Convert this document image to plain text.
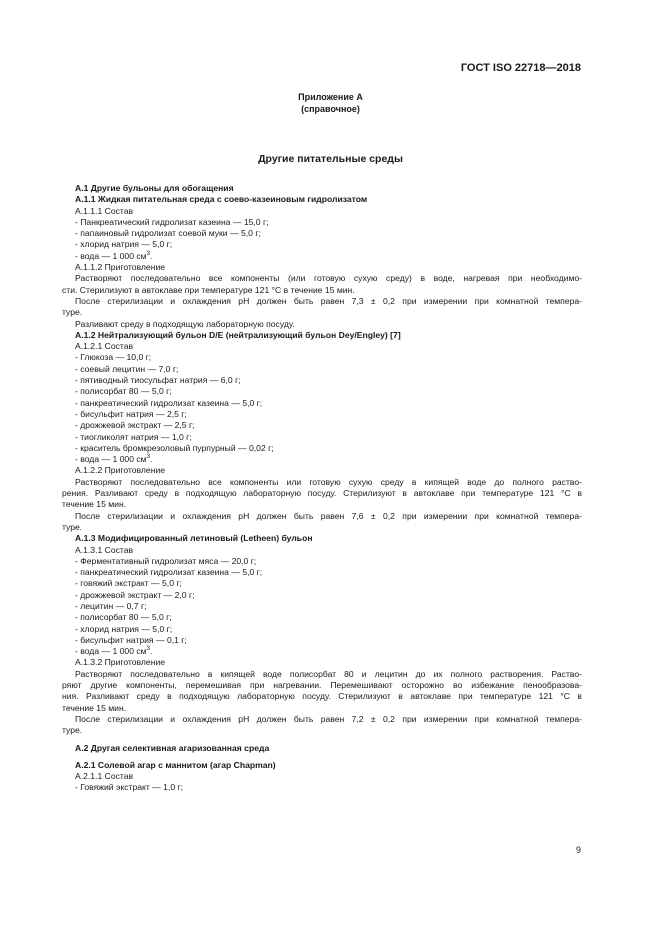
ГОСТ ISO 22718—2018
Приложение А
(справочное)
Другие питательные среды
А.1 Другие бульоны для обогащения
А.1.1 Жидкая питательная среда с соево-казеиновым гидролизатом
А.1.1.1 Состав
- Панкреатический гидролизат казеина — 15,0 г;
- папаиновый гидролизат соевой муки — 5,0 г;
- хлорид натрия — 5,0 г;
- вода — 1 000 $см^3$.
А.1.1.2 Приготовление
Растворяют последовательно все компоненты (или готовую сухую среду) в воде, нагревая при необходимо-
сти. Стерилизуют в автоклаве при температуре 121 °С в течение 15 мин.
После стерилизации и охлаждения рН должен быть равен 7,3 ± 0,2 при измерении при комнатной темпера-
туре.
Разливают среду в подходящую лабораторную посуду.
А.1.2 Нейтрализующий бульон D/E (нейтрализующий бульон Dey/Engley) [7]
А.1.2.1 Состав
- Глюкоза — 10,0 г;
- соевый лецитин — 7,0 г;
- пятиводный тиосульфат натрия — 6,0 г;
- полисорбат 80 — 5,0 г;
- панкреатический гидролизат казеина — 5,0 г;
- бисульфит натрия — 2,5 г;
- дрожжевой экстракт — 2,5 г;
- тиогликолят натрия — 1,0 г;
- краситель бромкрезоловый пурпурный — 0,02 г;
- вода — 1 000 $см^3$.
А.1.2.2 Приготовление
Растворяют последовательно все компоненты или готовую сухую среду в кипящей воде до полного раство-
рения. Разливают среду в подходящую лабораторную посуду. Стерилизуют в автоклаве при температуре 121 °С в
течение 15 мин.
После стерилизации и охлаждения рН должен быть равен 7,6 ± 0,2 при измерении при комнатной темпера-
туре.
А.1.3 Модифицированный летиновый (Letheen) бульон
А.1.3.1 Состав
- Ферментативный гидролизат мяса — 20,0 г;
- панкреатический гидролизат казеина — 5,0 г;
- говяжий экстракт — 5,0 г;
- дрожжевой экстракт — 2,0 г;
- лецитин — 0,7 г;
- полисорбат 80 — 5,0 г;
- хлорид натрия — 5,0 г;
- бисульфит натрия — 0,1 г;
- вода — 1 000 $см^3$.
А.1.3.2 Приготовление
Растворяют последовательно в кипящей воде полисорбат 80 и лецитин до их полного растворения. Раство-
ряют другие компоненты, перемешивая при нагревании. Перемешивают осторожно во избежание пенообразова-
ния. Разливают среду в подходящую лабораторную посуду. Стерилизуют в автоклаве при температуре 121 °С в
течение 15 мин.
После стерилизации и охлаждения рН должен быть равен 7,2 ± 0,2 при измерении при комнатной темпера-
туре.
А.2 Другая селективная агаризованная среда
А.2.1 Солевой агар с маннитом (агар Chapman)
А.2.1.1 Состав
- Говяжий экстракт — 1,0 г;
9
